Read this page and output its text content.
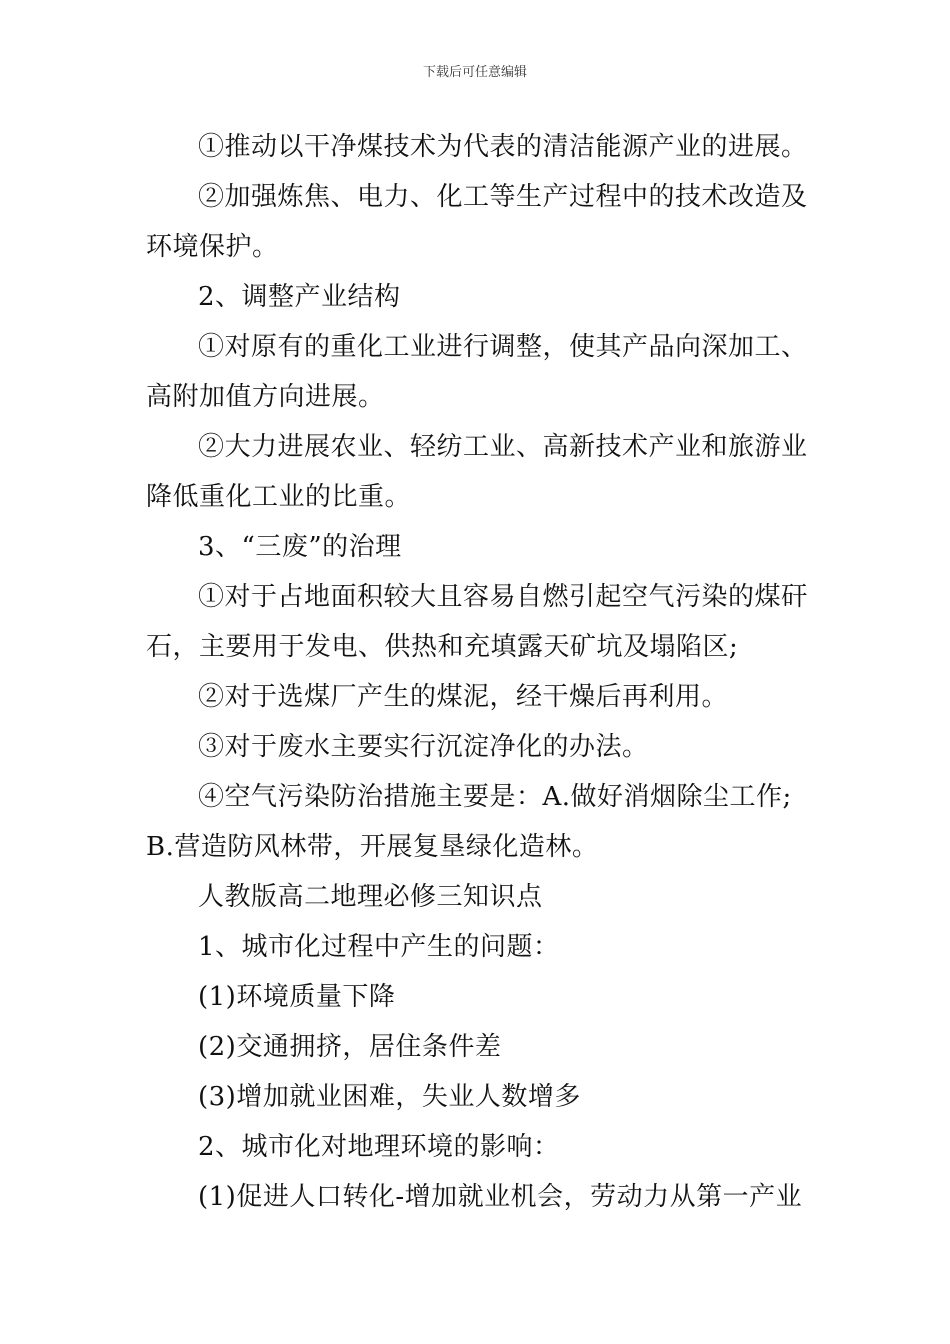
下载后可任意编辑

①推动以干净煤技术为代表的清洁能源产业的进展。

②加强炼焦、电力、化工等生产过程中的技术改造及环境保护。

2、调整产业结构

①对原有的重化工业进行调整，使其产品向深加工、高附加值方向进展。

②大力进展农业、轻纺工业、高新技术产业和旅游业降低重化工业的比重。

3、“三废”的治理

①对于占地面积较大且容易自燃引起空气污染的煤矸石，主要用于发电、供热和充填露天矿坑及塌陷区;

②对于选煤厂产生的煤泥，经干燥后再利用。

③对于废水主要实行沉淀净化的办法。

④空气污染防治措施主要是：A.做好消烟除尘工作;B.营造防风林带，开展复垦绿化造林。

人教版高二地理必修三知识点

1、城市化过程中产生的问题：

(1)环境质量下降

(2)交通拥挤，居住条件差

(3)增加就业困难，失业人数增多

2、城市化对地理环境的影响：

(1)促进人口转化-增加就业机会，劳动力从第一产业
